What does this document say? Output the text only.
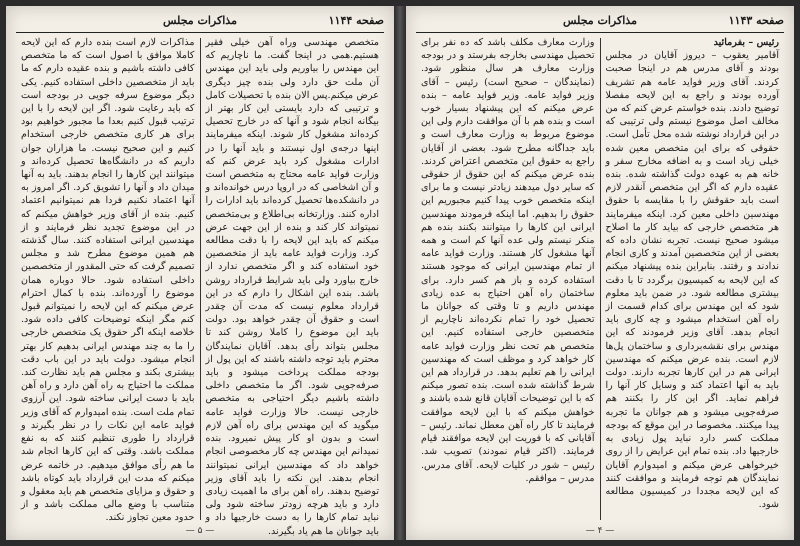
صفحه ۱۱۴۴
مذاکرات مجلس

متخصص مهندسی وراه آهن خیلی فقیر هستیم.همی در اینجا گفت. ما ناچاریم که این مهندس را بیاوریم ولی باید این مهندس آن ملت حق دارد ولی بنده چیز دیگری عرض میکنم.پس الان بنده با تحصیلات کامل و ترتیبی که دارد بایستی این کار بهتر از بیگانه انجام شود و آنها که در خارج تحصیل کرده‌اند مشغول کار شوند. اینکه میفرمایند اینها درجه‌ی اول نیستند و باید آنها را در ادارات مشغول کرد باید عرض کنم که وزارت فواید عامه محتاج به متخصص است و آن اشخاصی که در اروپا درس خوانده‌اند و در دانشکده‌ها تحصیل کرده‌اند باید ادارات را اداره کنند. وزارتخانه بی‌اطلاع و بی‌متخصص نمیتواند کار کند و بنده از این جهت عرض میکنم که باید این لایحه را با دقت مطالعه کرد. وزارت فواید عامه باید از متخصصین خود استفاده کند و اگر متخصص ندارد از خارج بیاورد ولی باید شرایط قرارداد روشن باشد. بنده این اشکال را دارم که در این قرارداد معلوم نیست که مدت آن چقدر است و حقوق آن چقدر خواهد بود. دولت باید این موضوع را کاملا روشن کند تا مجلس بتواند رأی بدهد. آقایان نمایندگان محترم باید توجه داشته باشند که این پول از بودجه مملکت پرداخت میشود و باید صرفه‌جویی شود. اگر ما متخصص داخلی داشته باشیم دیگر احتیاجی به متخصص خارجی نیست. حالا وزارت فواید عامه میگوید که این مهندس برای راه آهن لازم است و بدون او کار پیش نمیرود. بنده نمیدانم این مهندس چه کار مخصوصی انجام خواهد داد که مهندسین ایرانی نمیتوانند انجام بدهند. این نکته را باید آقای وزیر توضیح بدهند. راه آهن برای ما اهمیت زیادی دارد و باید هرچه زودتر ساخته شود ولی نباید تمام کارها را به دست خارجیها داد و باید جوانان ما هم یاد بگیرند.

مذاکرات لازم است بنده دارم که این لایحه کاملا موافق با اصول است که ما متخصص کافی داشته باشیم و بنده عقیده دارم که ما باید از متخصصین داخلی استفاده کنیم. یکی دیگر موضوع سرفه جویی در بودجه است که باید رعایت شود. اگر این لایحه را با این ترتیب قبول کنیم بعدا ما مجبور خواهیم بود برای هر کاری متخصص خارجی استخدام کنیم و این صحیح نیست. ما هزاران جوان داریم که در دانشگاه‌ها تحصیل کرده‌اند و میتوانند این کارها را انجام بدهند. باید به آنها میدان داد و آنها را تشویق کرد. اگر امروز به آنها اعتماد نکنیم فردا هم نمیتوانیم اعتماد کنیم. بنده از آقای وزیر خواهش میکنم که در این موضوع تجدید نظر فرمایند و از مهندسین ایرانی استفاده کنند. سال گذشته هم همین موضوع مطرح شد و مجلس تصمیم گرفت که حتی المقدور از متخصصین داخلی استفاده شود. حالا دوباره همان موضوع را آورده‌اند. بنده با کمال احترام عرض میکنم که این لایحه را نمیتوانم قبول کنم مگر اینکه توضیحات کافی داده شود. خلاصه اینکه اگر حقوق یک متخصص خارجی را ما به چند مهندس ایرانی بدهیم کار بهتر انجام میشود. دولت باید در این باب دقت بیشتری بکند و مجلس هم باید نظارت کند. مملکت ما احتیاج به راه آهن دارد و راه آهن باید با دست ایرانی ساخته شود. این آرزوی تمام ملت است. بنده امیدوارم که آقای وزیر فواید عامه این نکات را در نظر بگیرند و قرارداد را طوری تنظیم کنند که به نفع مملکت باشد. وقتی که این کارها انجام شد ما هم رأی موافق میدهیم. در خاتمه عرض میکنم که مدت این قرارداد باید کوتاه باشد و حقوق و مزایای متخصص هم باید معقول و متناسب با وضع مالی مملکت باشد و از حدود معین تجاوز نکند.

— ۵ —
صفحه ۱۱۴۳
مذاکرات مجلس

رئیس – بفرمائید

آقامیر یعقوب – دیروز آقایان در مجلس بودند و آقای مدرس هم در اینجا صحبت کردند. آقای وزیر فواید عامه هم تشریف آورده بودند و راجع به این لایحه مفصلا توضیح دادند. بنده خواستم عرض کنم که من مخالف اصل موضوع نیستم ولی ترتیبی که در این قرارداد نوشته شده محل تأمل است. حقوقی که برای این متخصص معین شده خیلی زیاد است و به اضافه مخارج سفر و خانه هم به عهده دولت گذاشته شده. بنده عقیده دارم که اگر این متخصص آنقدر لازم است باید حقوقش را با مقایسه با حقوق مهندسین داخلی معین کرد. اینکه میفرمایند هر متخصص خارجی که بیاید کار ما اصلاح میشود صحیح نیست. تجربه نشان داده که بعضی از این متخصصین آمدند و کاری انجام ندادند و رفتند. بنابراین بنده پیشنهاد میکنم که این لایحه به کمیسیون برگردد تا با دقت بیشتری مطالعه شود. در ضمن باید معلوم شود که این مهندس برای کدام قسمت از راه آهن استخدام میشود و چه کاری باید انجام بدهد. آقای وزیر فرمودند که این مهندس برای نقشه‌برداری و ساختمان پل‌ها لازم است. بنده عرض میکنم که مهندسین ایرانی هم در این کارها تجربه دارند. دولت باید به آنها اعتماد کند و وسایل کار آنها را فراهم نماید. اگر این کار را بکنند هم صرفه‌جویی میشود و هم جوانان ما تجربه پیدا میکنند. مخصوصا در این موقع که بودجه مملکت کسر دارد نباید پول زیادی به خارجیها داد. بنده تمام این عرایض را از روی خیرخواهی عرض میکنم و امیدوارم آقایان نمایندگان هم توجه فرمایند و موافقت کنند که این لایحه مجددا در کمیسیون مطالعه شود.

وزارت معارف مکلف باشد که ده نفر برای تحصیل مهندسی بخارجه بفرستد و در بودجه وزارت معارف هر سال منظور شود. (نمایندگان – صحیح است) رئیس – آقای وزیر فواید عامه. وزیر فواید عامه – بنده عرض میکنم که این پیشنهاد بسیار خوب است و بنده هم با آن موافقت دارم ولی این موضوع مربوط به وزارت معارف است و باید جداگانه مطرح شود. بعضی از آقایان راجع به حقوق این متخصص اعتراض کردند. بنده عرض میکنم که این حقوق از حقوقی که سایر دول میدهند زیادتر نیست و ما برای اینکه متخصص خوب پیدا کنیم مجبوریم این حقوق را بدهیم. اما اینکه فرمودند مهندسین ایرانی این کارها را میتوانند بکنند بنده هم منکر نیستم ولی عده آنها کم است و همه آنها مشغول کار هستند. وزارت فواید عامه از تمام مهندسین ایرانی که موجود هستند استفاده کرده و باز هم کسر دارد. برای ساختمان راه آهن احتیاج به عده زیادی مهندس داریم و تا وقتی که جوانان ما تحصیل خود را تمام نکرده‌اند ناچاریم از متخصصین خارجی استفاده کنیم. این متخصص هم تحت نظر وزارت فواید عامه کار خواهد کرد و موظف است که مهندسین ایرانی را هم تعلیم بدهد. در قرارداد هم این شرط گذاشته شده است. بنده تصور میکنم که با این توضیحات آقایان قانع شده باشند و خواهش میکنم که با این لایحه موافقت فرمایند تا کار راه آهن معطل نماند. رئیس – آقایانی که با فوریت این لایحه موافقند قیام فرمایند. (اکثر قیام نمودند) تصویب شد. رئیس – شور در کلیات لایحه. آقای مدرس. مدرس – موافقم.

— ۴ —
